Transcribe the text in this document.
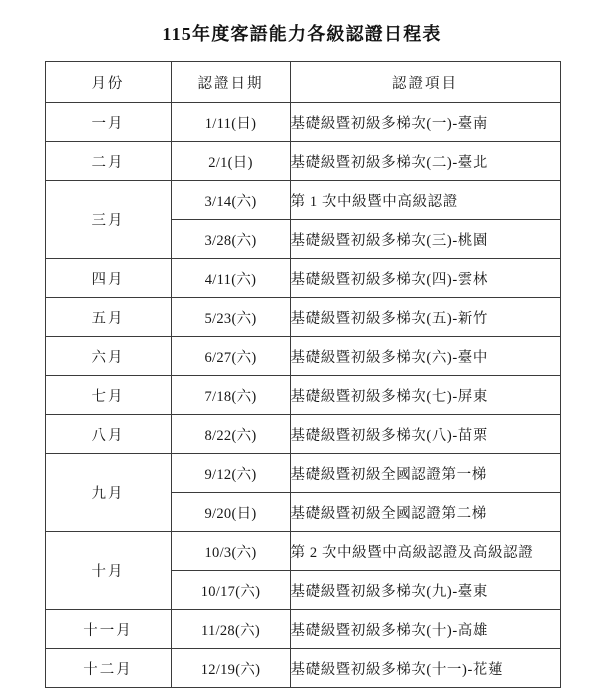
115年度客語能力各級認證日程表
月份	認證日期	認證項目
一月	1/11(日)	基礎級暨初級多梯次(一)-臺南
二月	2/1(日)	基礎級暨初級多梯次(二)-臺北
三月	3/14(六)	第 1 次中級暨中高級認證
	3/28(六)	基礎級暨初級多梯次(三)-桃園
四月	4/11(六)	基礎級暨初級多梯次(四)-雲林
五月	5/23(六)	基礎級暨初級多梯次(五)-新竹
六月	6/27(六)	基礎級暨初級多梯次(六)-臺中
七月	7/18(六)	基礎級暨初級多梯次(七)-屏東
八月	8/22(六)	基礎級暨初級多梯次(八)-苗栗
九月	9/12(六)	基礎級暨初級全國認證第一梯
	9/20(日)	基礎級暨初級全國認證第二梯
十月	10/3(六)	第 2 次中級暨中高級認證及高級認證
	10/17(六)	基礎級暨初級多梯次(九)-臺東
十一月	11/28(六)	基礎級暨初級多梯次(十)-高雄
十二月	12/19(六)	基礎級暨初級多梯次(十一)-花蓮
